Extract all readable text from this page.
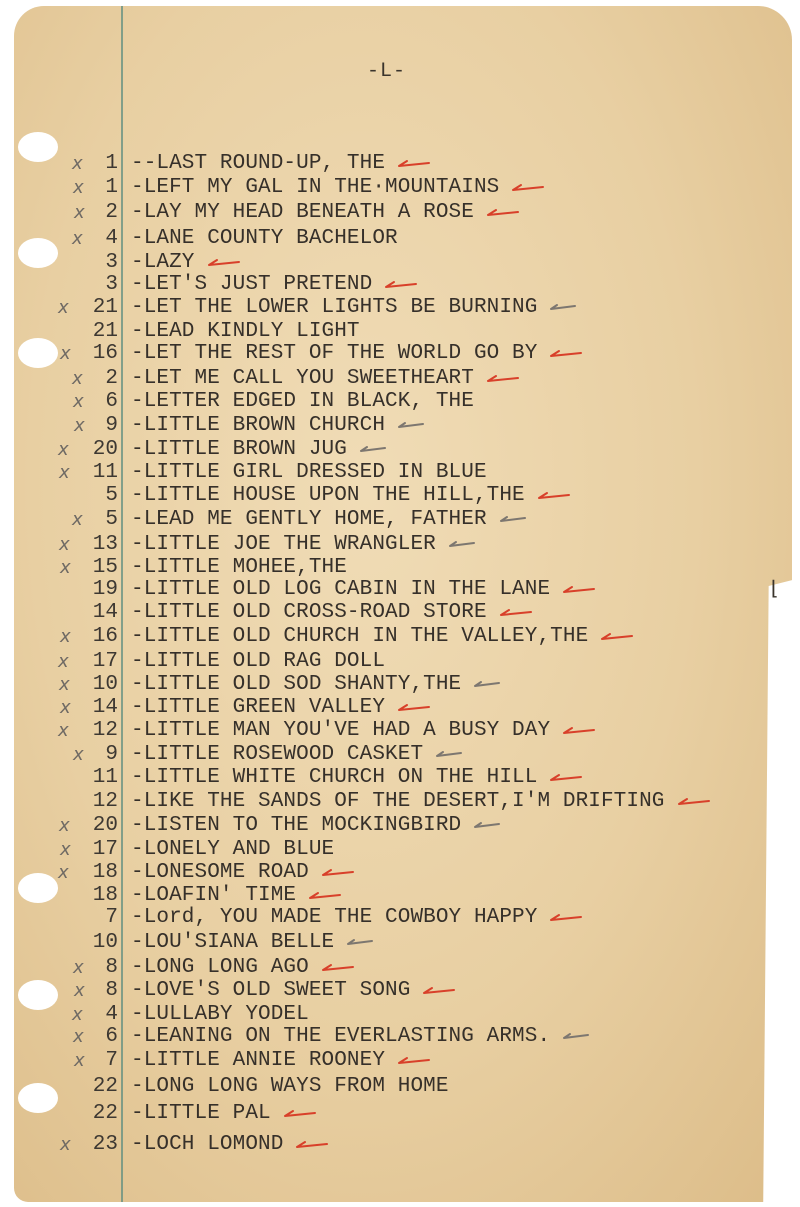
-L-
x	1 --LAST ROUND-UP, THE
x	1 -LEFT MY GAL IN THE·MOUNTAINS
x 2 -LAY MY HEAD BENEATH A ROSE
x	4 -LANE COUNTY BACHELOR
3 -LAZY
3 -LET'S JUST PRETEND
x	21 -LET THE LOWER LIGHTS BE BURNING
21 -LEAD KINDLY LIGHT
x	16 -LET THE REST OF THE WORLD GO BY
x	2 -LET ME CALL YOU SWEETHEART
x	6 -LETTER EDGED IN BLACK, THE
x 9 -LITTLE BROWN CHURCH
x	20 -LITTLE BROWN JUG
x	11 -LITTLE GIRL DRESSED IN BLUE
5 -LITTLE HOUSE UPON THE HILL,THE
x	5 -LEAD ME GENTLY HOME, FATHER
x	13 -LITTLE JOE THE WRANGLER
x	15 -LITTLE MOHEE,THE
19 -LITTLE OLD LOG CABIN IN THE LANE
14 -LITTLE OLD CROSS-ROAD STORE
x	16 -LITTLE OLD CHURCH IN THE VALLEY,THE
x	17 -LITTLE OLD RAG DOLL
x	10 -LITTLE OLD SOD SHANTY,THE
x	14 -LITTLE GREEN VALLEY
x	12 -LITTLE MAN YOU'VE HAD A BUSY DAY
x	9 -LITTLE ROSEWOOD CASKET
11 -LITTLE WHITE CHURCH ON THE HILL
12 -LIKE THE SANDS OF THE DESERT,I'M DRIFTING
x	20 -LISTEN TO THE MOCKINGBIRD
x	17 -LONELY AND BLUE
x	18 -LONESOME ROAD
18 -LOAFIN' TIME
7 -Lord, YOU MADE THE COWBOY HAPPY
10 -LOU'SIANA BELLE
x	8 -LONG LONG AGO
x 8 -LOVE'S OLD SWEET SONG
x	4 -LULLABY YODEL
x	6 -LEANING ON THE EVERLASTING ARMS.
x 7 -LITTLE ANNIE ROONEY
22 -LONG LONG WAYS FROM HOME
22 -LITTLE PAL
x	23 -LOCH LOMOND
⌊
